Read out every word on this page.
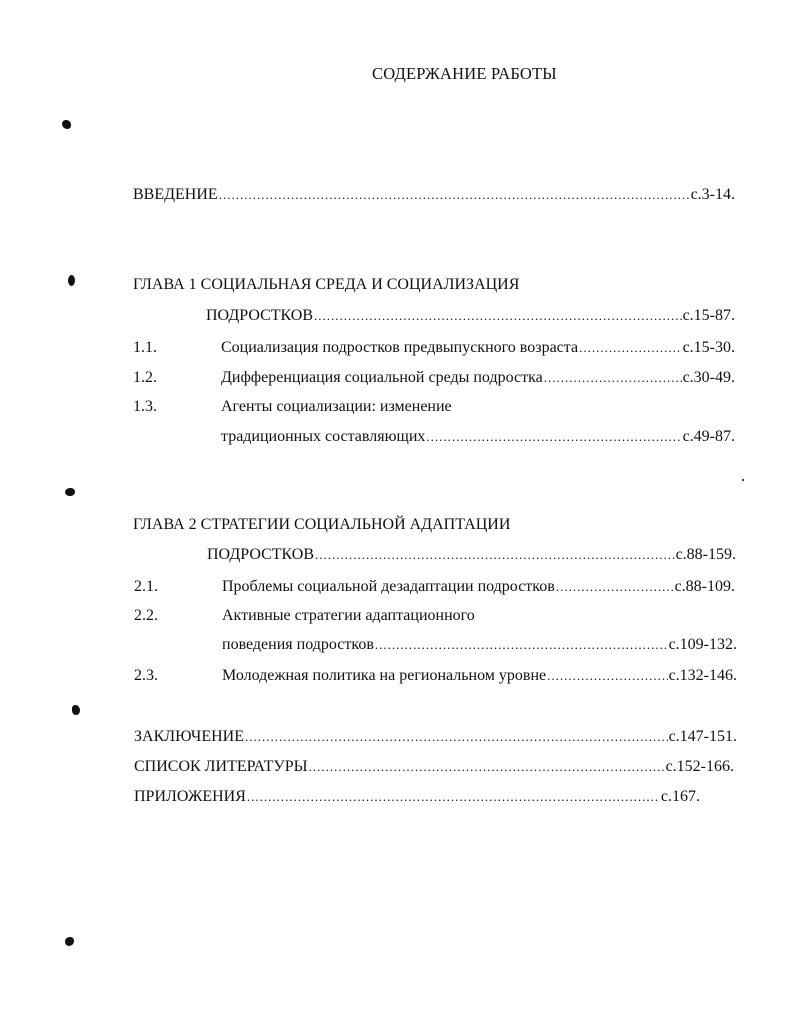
СОДЕРЖАНИЕ РАБОТЫ
ВВЕДЕНИЕ .....	с.3-14.
ГЛАВА 1 СОЦИАЛЬНАЯ СРЕДА И СОЦИАЛИЗАЦИЯ
ПОДРОСТКОВ .....	с.15-87.
1.1.	Социализация подростков предвыпускного возраста .....	с.15-30.
1.2.	Дифференциация социальной среды подростка .....	с.30-49.
1.3.	Агенты социализации: изменение
традиционных составляющих .....	с.49-87.
ГЛАВА 2 СТРАТЕГИИ СОЦИАЛЬНОЙ АДАПТАЦИИ
ПОДРОСТКОВ .....	с.88-159.
2.1.	Проблемы социальной дезадаптации подростков .....	с.88-109.
2.2.	Активные стратегии адаптационного
поведения подростков .....	с.109-132.
2.3.	Молодежная политика на региональном уровне .....	с.132-146.
ЗАКЛЮЧЕНИЕ .....	с.147-151.
СПИСОК ЛИТЕРАТУРЫ .....	с.152-166.
ПРИЛОЖЕНИЯ .....	с.167.
